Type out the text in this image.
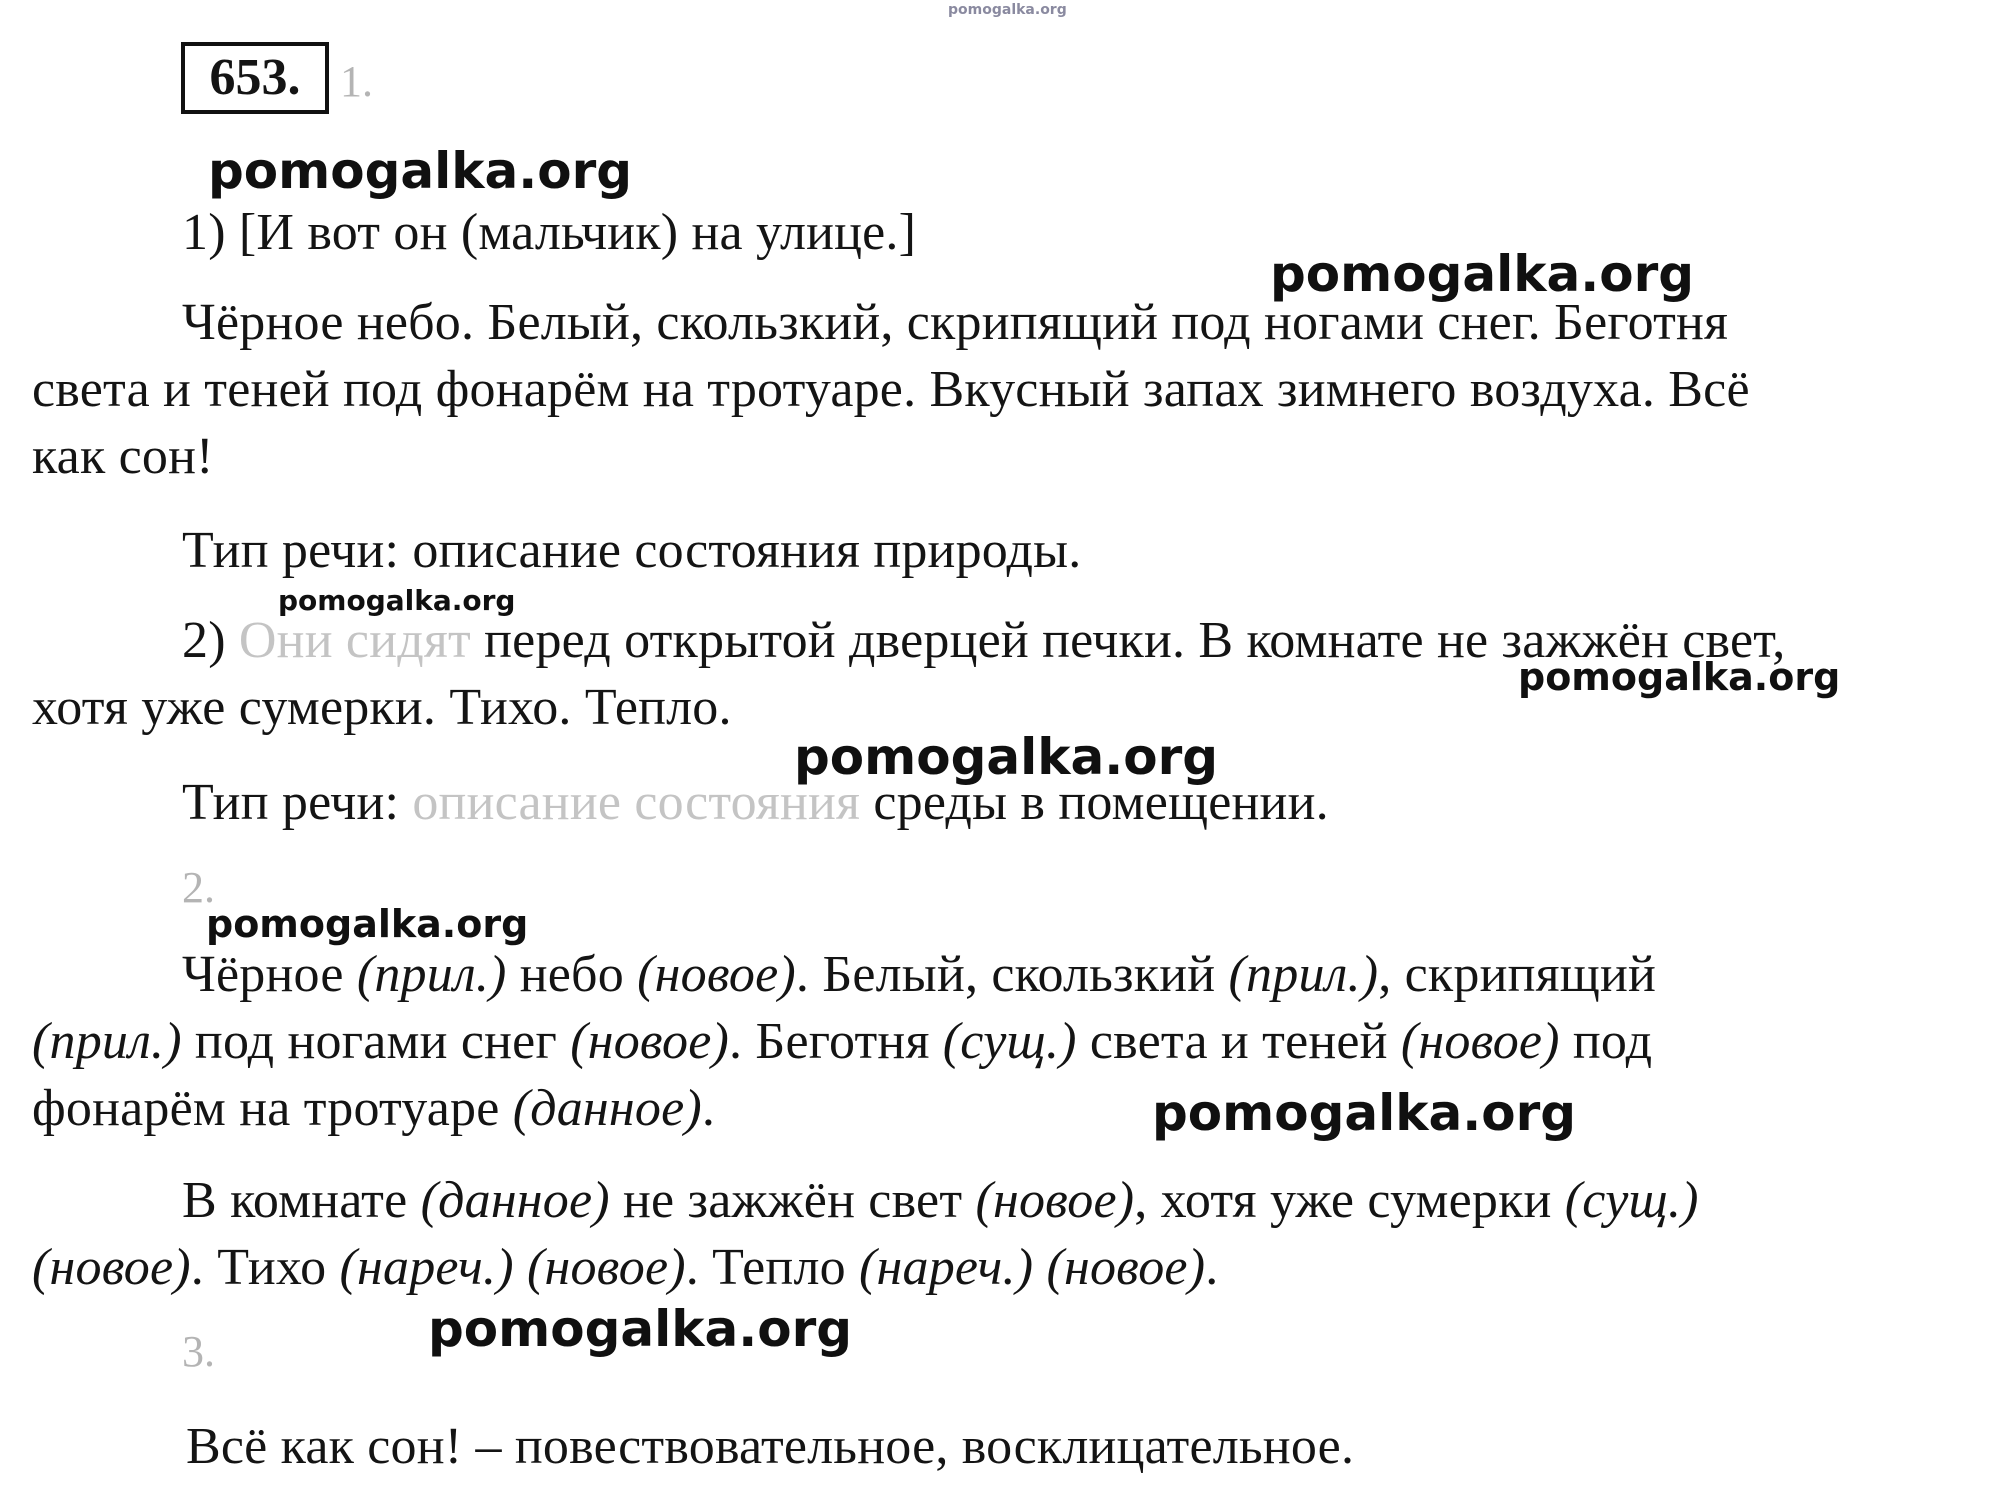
pomogalka.org
653. 1.
pomogalka.org
pomogalka.org
pomogalka.org
pomogalka.org
pomogalka.org
pomogalka.org
pomogalka.org
pomogalka.org
1) [И вот он (мальчик) на улице.]
Чёрное небо. Белый, скользкий, скрипящий под ногами снег. Беготня
света и теней под фонарём на тротуаре. Вкусный запах зимнего воздуха. Всё
как сон!
Тип речи: описание состояния природы.
2) Они сидят перед открытой дверцей печки. В комнате не зажжён свет,
хотя уже сумерки. Тихо. Тепло.
Тип речи: описание состояния среды в помещении.
2.
Чёрное (прил.) небо (новое). Белый, скользкий (прил.), скрипящий
(прил.) под ногами снег (новое). Беготня (сущ.) света и теней (новое) под
фонарём на тротуаре (данное).
В комнате (данное) не зажжён свет (новое), хотя уже сумерки (сущ.)
(новое). Тихо (нареч.) (новое). Тепло (нареч.) (новое).
3.
Всё как сон! – повествовательное, восклицательное.
